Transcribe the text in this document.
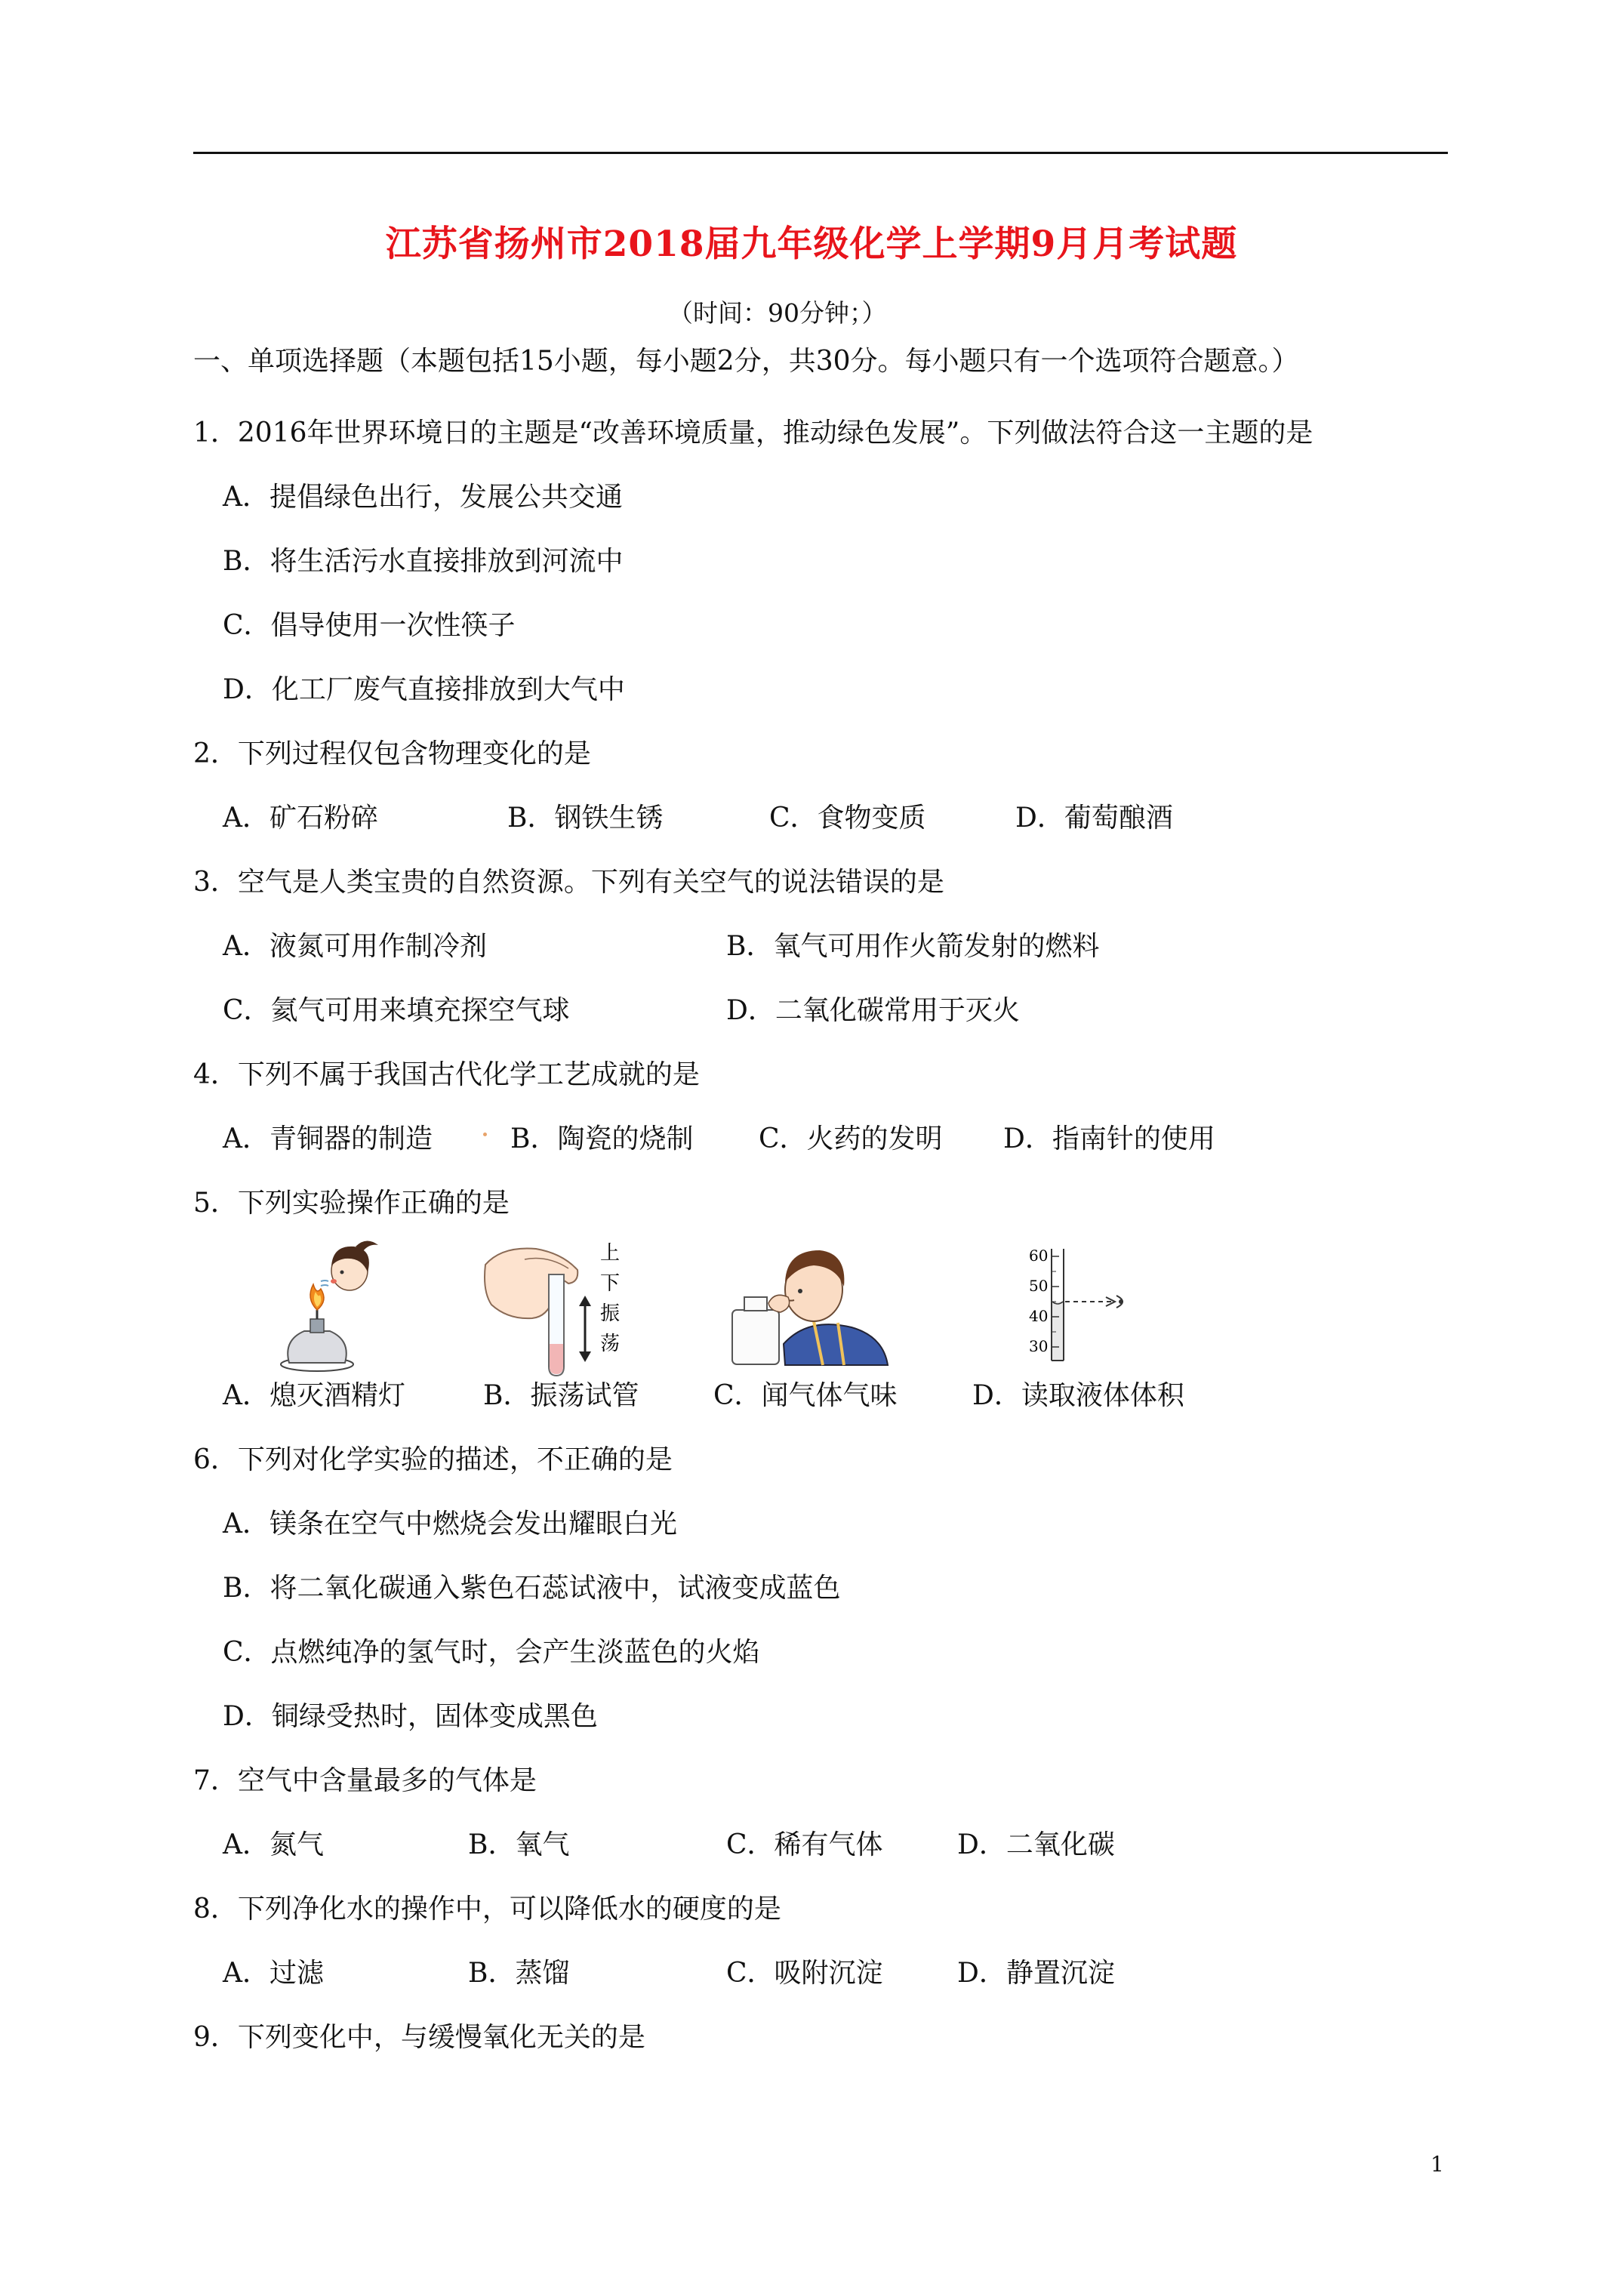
江苏省扬州市2018届九年级化学上学期9月月考试题
（时间：90分钟；）
一、单项选择题（本题包括15小题，每小题2分，共30分。每小题只有一个选项符合题意。）
1．2016年世界环境日的主题是“改善环境质量，推动绿色发展”。下列做法符合这一主题的是
A．提倡绿色出行，发展公共交通
B．将生活污水直接排放到河流中
C．倡导使用一次性筷子
D．化工厂废气直接排放到大气中
2．下列过程仅包含物理变化的是
A．矿石粉碎	B．钢铁生锈	C．食物变质	D．葡萄酿酒
3．空气是人类宝贵的自然资源。下列有关空气的说法错误的是
A．液氮可用作制冷剂	B．氧气可用作火箭发射的燃料
C．氦气可用来填充探空气球	D．二氧化碳常用于灭火
4．下列不属于我国古代化学工艺成就的是
A．青铜器的制造	B．陶瓷的烧制 C．火药的发明 D．指南针的使用
5．下列实验操作正确的是
上
下
振
荡
60
50
40
30
A．熄灭酒精灯	B．振荡试管	C．闻气体气味	D．读取液体体积
6．下列对化学实验的描述，不正确的是
A．镁条在空气中燃烧会发出耀眼白光
B．将二氧化碳通入紫色石蕊试液中，试液变成蓝色
C．点燃纯净的氢气时，会产生淡蓝色的火焰
D．铜绿受热时，固体变成黑色
7．空气中含量最多的气体是
A．氮气	B．氧气	C．稀有气体	D．二氧化碳
8．下列净化水的操作中，可以降低水的硬度的是
A．过滤	B．蒸馏	C．吸附沉淀	D．静置沉淀
9．下列变化中，与缓慢氧化无关的是
1
